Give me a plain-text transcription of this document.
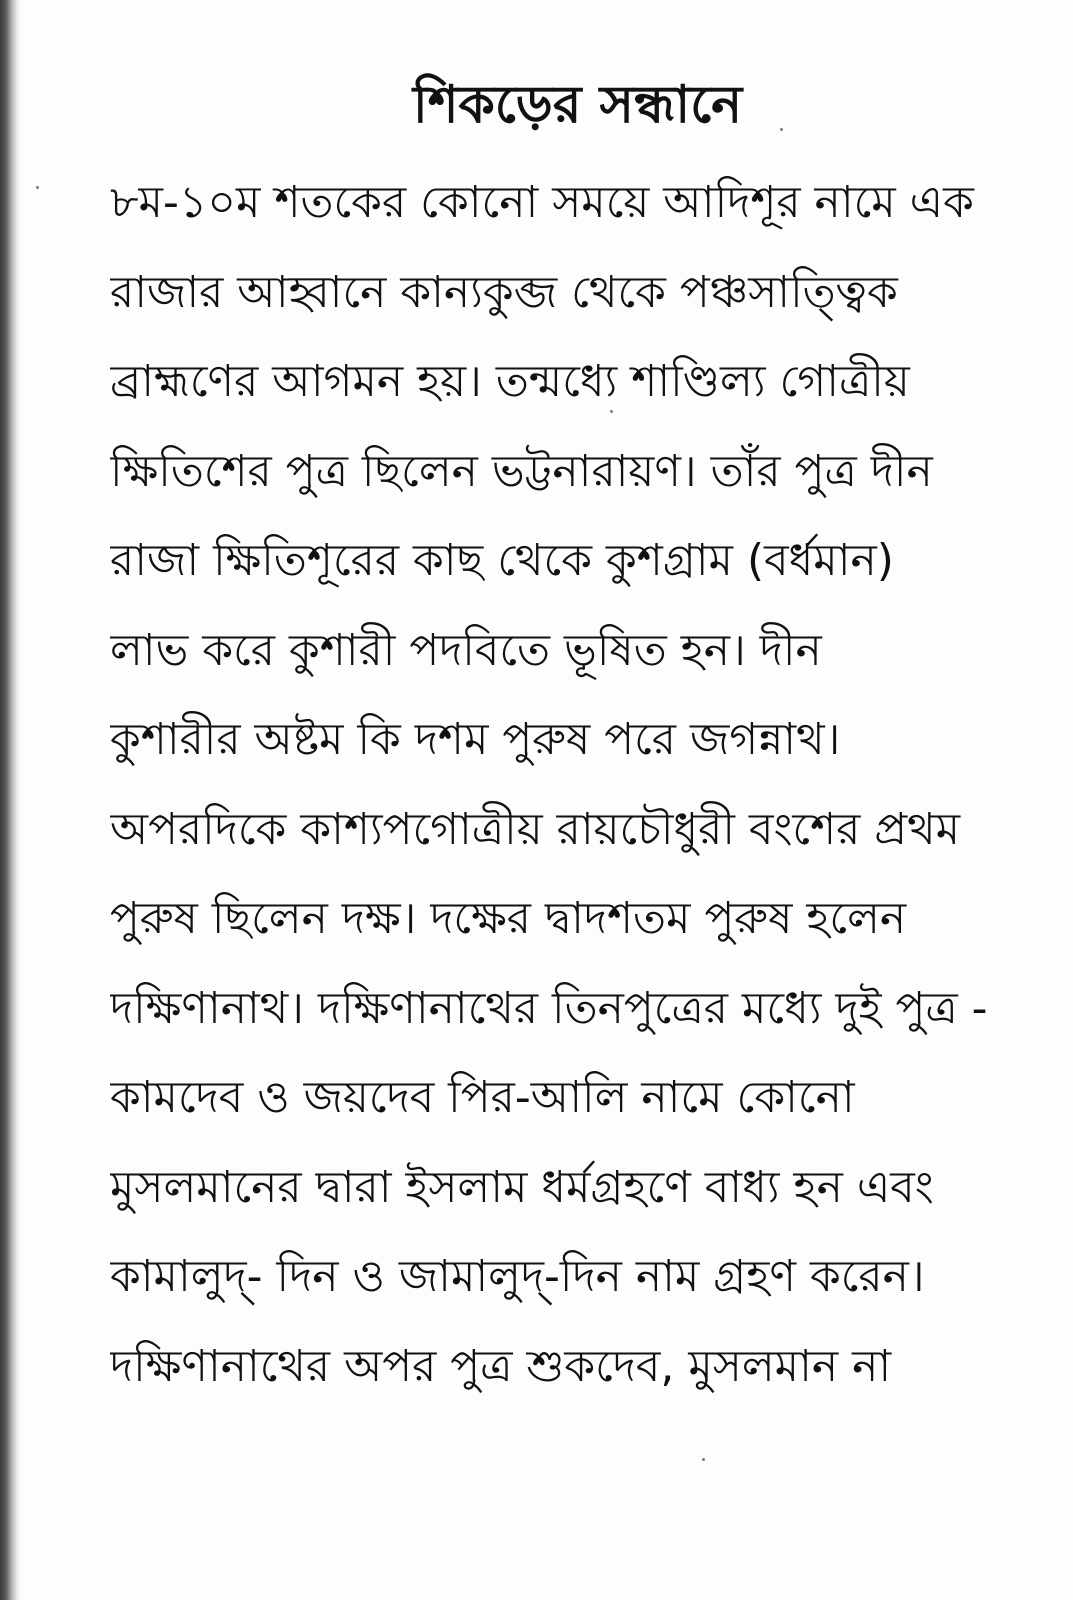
শিকড়ের সন্ধানে
৮ম-১০ম শতকের কোনো সময়ে আদিশূর নামে এক
রাজার আহ্বানে কান্যকুব্জ থেকে পঞ্চসাত্ত্বিক
ব্রাহ্মণের আগমন হয়। তন্মধ্যে শাণ্ডিল্য গোত্রীয়
ক্ষিতিশের পুত্র ছিলেন ভট্টনারায়ণ। তাঁর পুত্র দীন
রাজা ক্ষিতিশূরের কাছ থেকে কুশগ্রাম (বর্ধমান)
লাভ করে কুশারী পদবিতে ভূষিত হন। দীন
কুশারীর অষ্টম কি দশম পুরুষ পরে জগন্নাথ।
অপরদিকে কাশ্যপগোত্রীয় রায়চৌধুরী বংশের প্রথম
পুরুষ ছিলেন দক্ষ। দক্ষের দ্বাদশতম পুরুষ হলেন
দক্ষিণানাথ। দক্ষিণানাথের তিনপুত্রের মধ্যে দুই পুত্র -
কামদেব ও জয়দেব পির-আলি নামে কোনো
মুসলমানের দ্বারা ইসলাম ধর্মগ্রহণে বাধ্য হন এবং
কামালুদ্- দিন ও জামালুদ্-দিন নাম গ্রহণ করেন।
দক্ষিণানাথের অপর পুত্র শুকদেব, মুসলমান না
